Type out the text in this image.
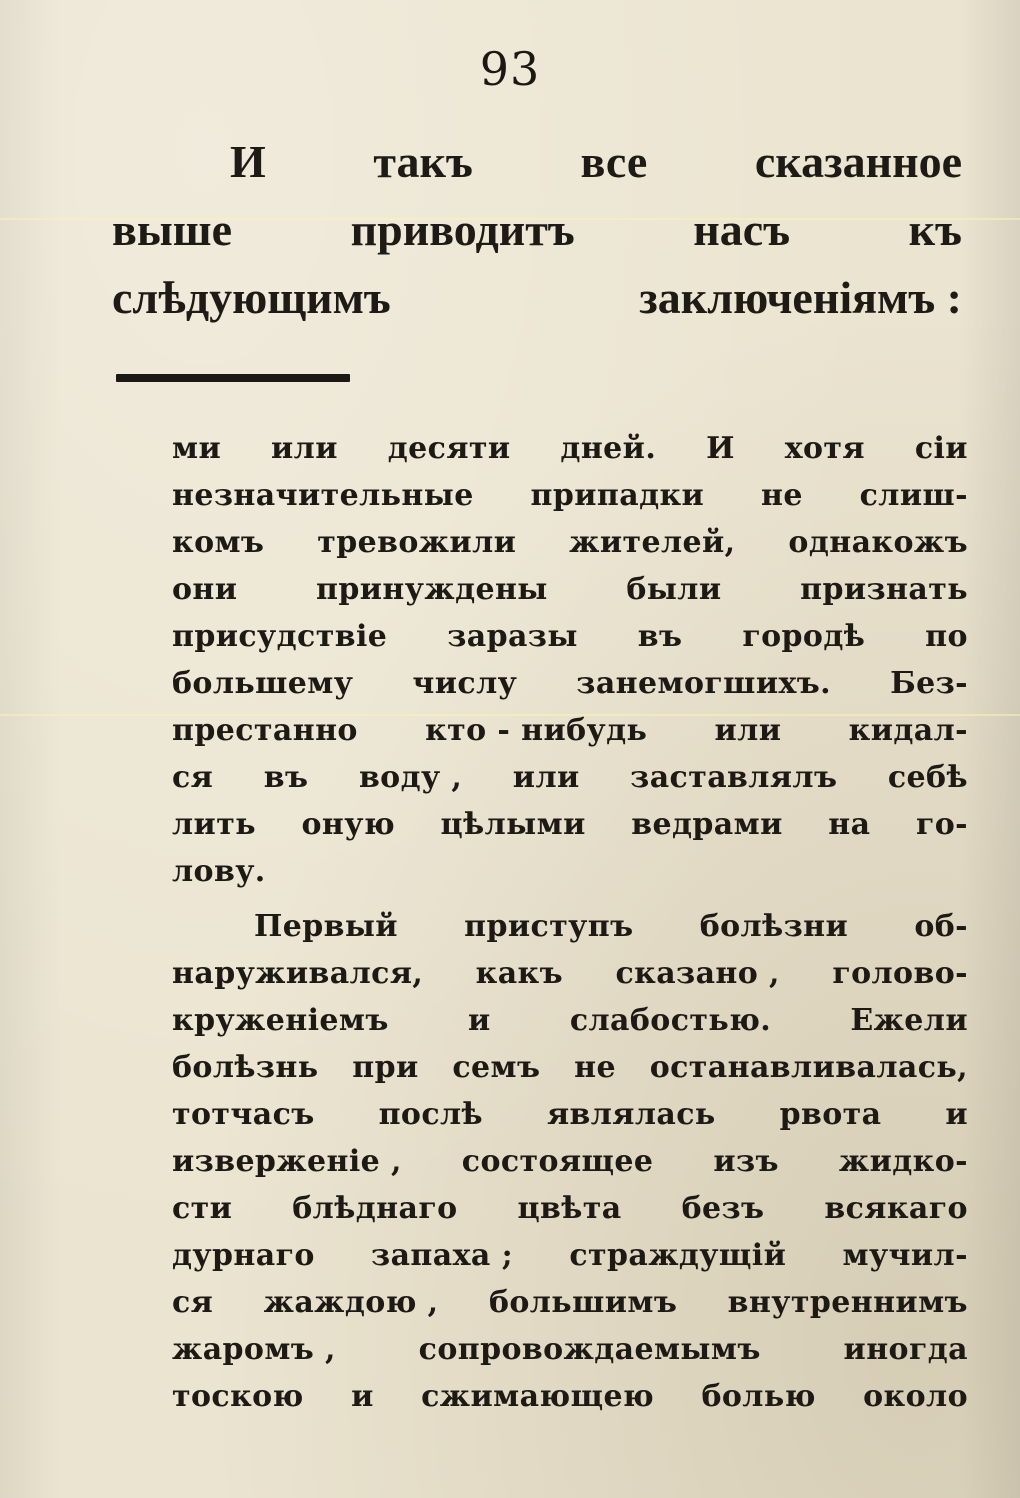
93
И такъ все сказанное
выше	приводитъ	насъ	къ
слѣдующимъ	заключеніямъ :
ми или десяти дней. И хотя сіи
незначительные припадки не слиш-
комъ тревожили жителей, однакожъ
они	принуждены	были	признать
присудствіе заразы въ городѣ по
большему числу занемогшихъ. Без-
престанно кто - нибудь или кидал-
ся въ воду , или заставлялъ себѣ
лить оную цѣлыми ведрами на го-
лову.
Первый приступъ болѣзни об-
наруживался, какъ сказано , голово-
круженіемъ	и	слабостью.	Ежели
болѣзнь при семъ не останавливалась,
тотчасъ послѣ являлась рвота и
изверженіе , состоящее изъ жидко-
сти блѣднаго цвѣта безъ всякаго
дурнаго запаха ; страждущій мучил-
ся жаждою , большимъ внутреннимъ
жаромъ ,	сопровождаемымъ	иногда
тоскою и сжимающею болью около
